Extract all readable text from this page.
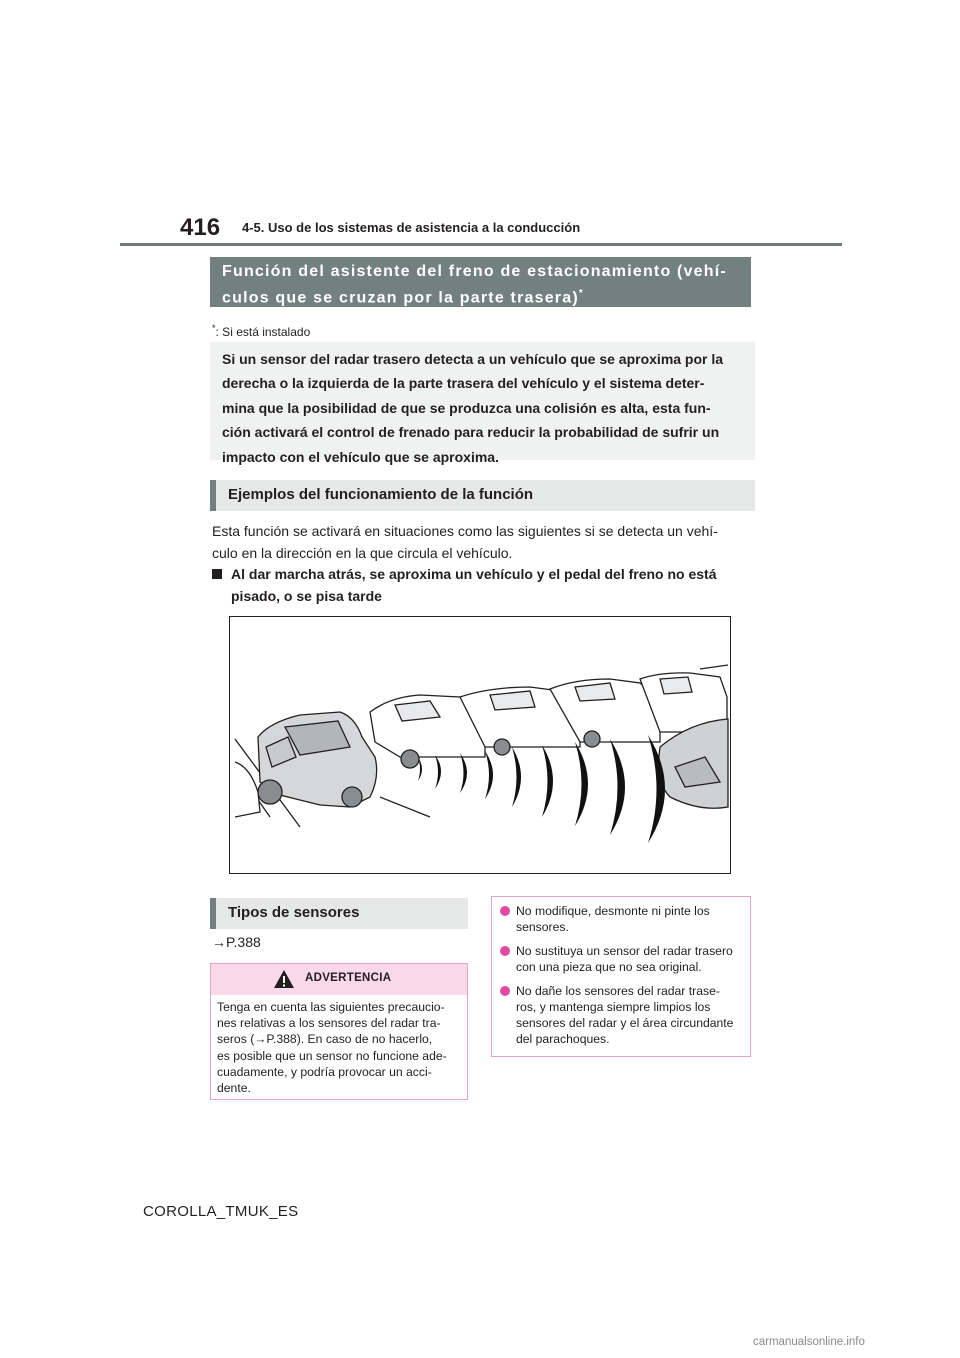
416 4-5. Uso de los sistemas de asistencia a la conducción
Función del asistente del freno de estacionamiento (vehí-
culos que se cruzan por la parte trasera)*
*: Si está instalado
Si un sensor del radar trasero detecta a un vehículo que se aproxima por la
derecha o la izquierda de la parte trasera del vehículo y el sistema deter-
mina que la posibilidad de que se produzca una colisión es alta, esta fun-
ción activará el control de frenado para reducir la probabilidad de sufrir un
impacto con el vehículo que se aproxima.
Ejemplos del funcionamiento de la función
Esta función se activará en situaciones como las siguientes si se detecta un vehí-
culo en la dirección en la que circula el vehículo.
Al dar marcha atrás, se aproxima un vehículo y el pedal del freno no está
pisado, o se pisa tarde
Tipos de sensores
→P.388
ADVERTENCIA
Tenga en cuenta las siguientes precaucio-
nes relativas a los sensores del radar tra-
seros (→P.388). En caso de no hacerlo,
es posible que un sensor no funcione ade-
cuadamente, y podría provocar un acci-
dente.
No modifique, desmonte ni pinte los
sensores.
No sustituya un sensor del radar trasero
con una pieza que no sea original.
No dañe los sensores del radar trase-
ros, y mantenga siempre limpios los
sensores del radar y el área circundante
del parachoques.
COROLLA_TMUK_ES
carmanualsonline.info
